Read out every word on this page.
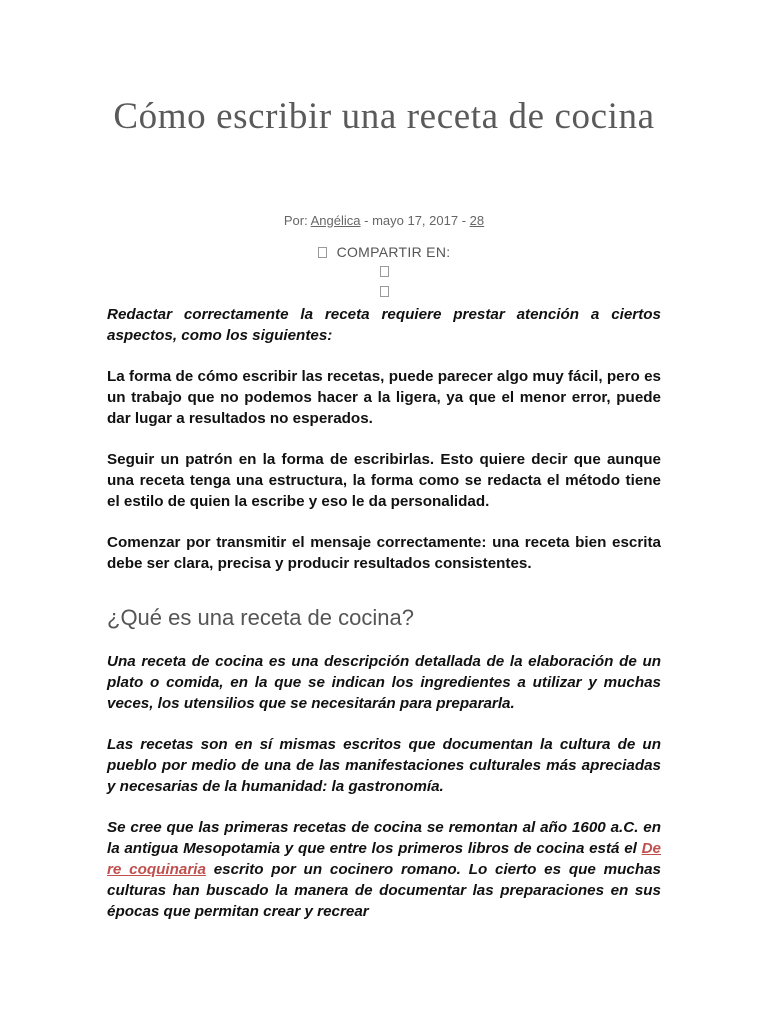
Cómo escribir una receta de cocina
Por: Angélica - mayo 17, 2017 - 28
COMPARTIR EN:

Redactar correctamente la receta requiere prestar atención a ciertos aspectos, como los siguientes:

La forma de cómo escribir las recetas, puede parecer algo muy fácil, pero es un trabajo que no podemos hacer a la ligera, ya que el menor error, puede dar lugar a resultados no esperados.

Seguir un patrón en la forma de escribirlas. Esto quiere decir que aunque una receta tenga una estructura, la forma como se redacta el método tiene el estilo de quien la escribe y eso le da personalidad.

Comenzar por transmitir el mensaje correctamente: una receta bien escrita debe ser clara, precisa y producir resultados consistentes.

¿Qué es una receta de cocina?

Una receta de cocina es una descripción detallada de la elaboración de un plato o comida, en la que se indican los ingredientes a utilizar y muchas veces, los utensilios que se necesitarán para prepararla.

Las recetas son en sí mismas escritos que documentan la cultura de un pueblo por medio de una de las manifestaciones culturales más apreciadas y necesarias de la humanidad: la gastronomía.

Se cree que las primeras recetas de cocina se remontan al año 1600 a.C. en la antigua Mesopotamia y que entre los primeros libros de cocina está el De re coquinaria escrito por un cocinero romano. Lo cierto es que muchas culturas han buscado la manera de documentar las preparaciones en sus épocas que permitan crear y recrear
